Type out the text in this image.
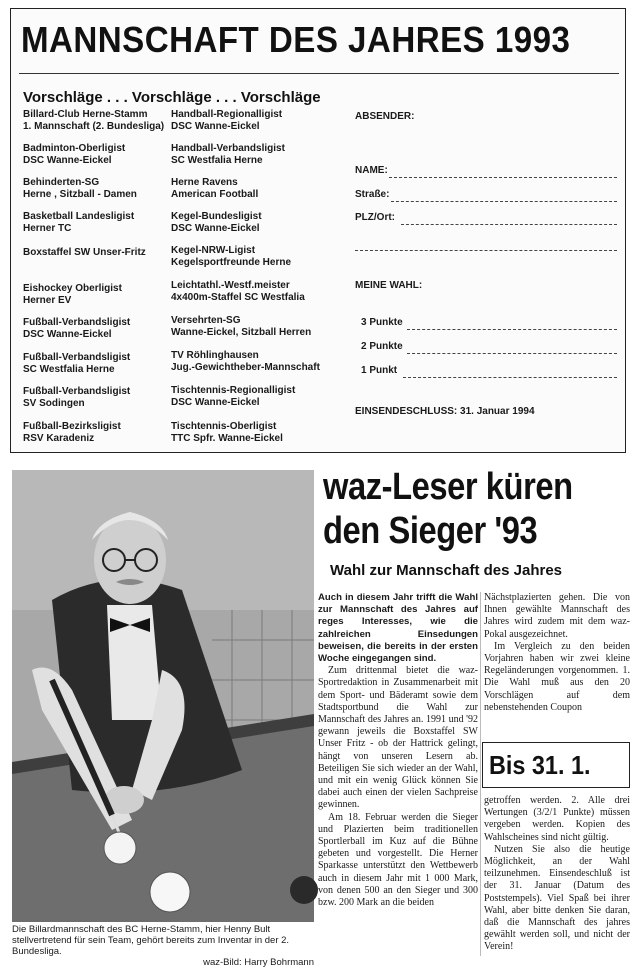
MANNSCHAFT DES JAHRES 1993
Vorschläge . . . Vorschläge . . . Vorschläge
Billard-Club Herne-Stamm
1. Mannschaft (2. Bundesliga)
Badminton-Oberligist
DSC Wanne-Eickel
Behinderten-SG
Herne , Sitzball - Damen
Basketball Landesligist
Herner TC
Boxstaffel SW Unser-Fritz
Eishockey Oberligist
Herner EV
Fußball-Verbandsligist
DSC Wanne-Eickel
Fußball-Verbandsligist
SC Westfalia Herne
Fußball-Verbandsligist
SV Sodingen
Fußball-Bezirksligist
RSV Karadeniz
Handball-Regionalligist
DSC Wanne-Eickel
Handball-Verbandsligist
SC Westfalia Herne
Herne Ravens
American Football
Kegel-Bundesligist
DSC Wanne-Eickel
Kegel-NRW-Ligist
Kegelsportfreunde Herne
Leichtathl.-Westf.meister
4x400m-Staffel SC Westfalia
Versehrten-SG
Wanne-Eickel, Sitzball Herren
TV Röhlinghausen
Jug.-Gewichtheber-Mannschaft
Tischtennis-Regionalligist
DSC Wanne-Eickel
Tischtennis-Oberligist
TTC Spfr. Wanne-Eickel
ABSENDER:
NAME:
Straße:
PLZ/Ort:
MEINE WAHL:
3 Punkte
2 Punkte
1 Punkt
EINSENDESCHLUSS: 31. Januar 1994
Die Billardmannschaft des BC Herne-Stamm, hier Henny Bult stellvertretend für sein Team, gehört bereits zum Inventar in der 2. Bundesliga.
waz-Bild: Harry Bohrmann
waz-Leser küren
den Sieger '93
Wahl zur Mannschaft des Jahres

Auch in diesem Jahr trifft die Wahl zur Mannschaft des Jahres auf reges Interesses, wie die zahlreichen Einsedungen beweisen, die bereits in der ersten Woche eingegangen sind.

Zum drittenmal bietet die waz-Sportredaktion in Zusammenarbeit mit dem Sport- und Bäderamt sowie dem Stadtsportbund die Wahl zur Mannschaft des Jahres an. 1991 und '92 gewann jeweils die Boxstaffel SW Unser Fritz - ob der Hattrick gelingt, hängt von unseren Lesern ab. Beteiligen Sie sich wieder an der Wahl, und mit ein wenig Glück können Sie dabei auch einen der vielen Sachpreise gewinnen.

Am 18. Februar werden die Sieger und Plazierten beim traditionellen Sportlerball im Kuz auf die Bühne gebeten und vorgestellt. Die Herner Sparkasse unterstützt den Wettbewerb auch in diesem Jahr mit 1 000 Mark, von denen 500 an den Sieger und 300 bzw. 200 Mark an die beiden

Nächstplazierten gehen. Die von Ihnen gewählte Mannschaft des Jahres wird zudem mit dem waz-Pokal ausgezeichnet.

Im Vergleich zu den beiden Vorjahren haben wir zwei kleine Regeländerungen vorgenommen. 1. Die Wahl muß aus den 20 Vorschlägen auf dem nebenstehenden Coupon

Bis 31. 1.

getroffen werden. 2. Alle drei Wertungen (3/2/1 Punkte) müssen vergeben werden. Kopien des Wahlscheines sind nicht gültig.

Nutzen Sie also die heutige Möglichkeit, an der Wahl teilzunehmen. Einsendeschluß ist der 31. Januar (Datum des Poststempels). Viel Spaß bei ihrer Wahl, aber bitte denken Sie daran, daß die Mannschaft des jahres gewählt werden soll, und nicht der Verein!
